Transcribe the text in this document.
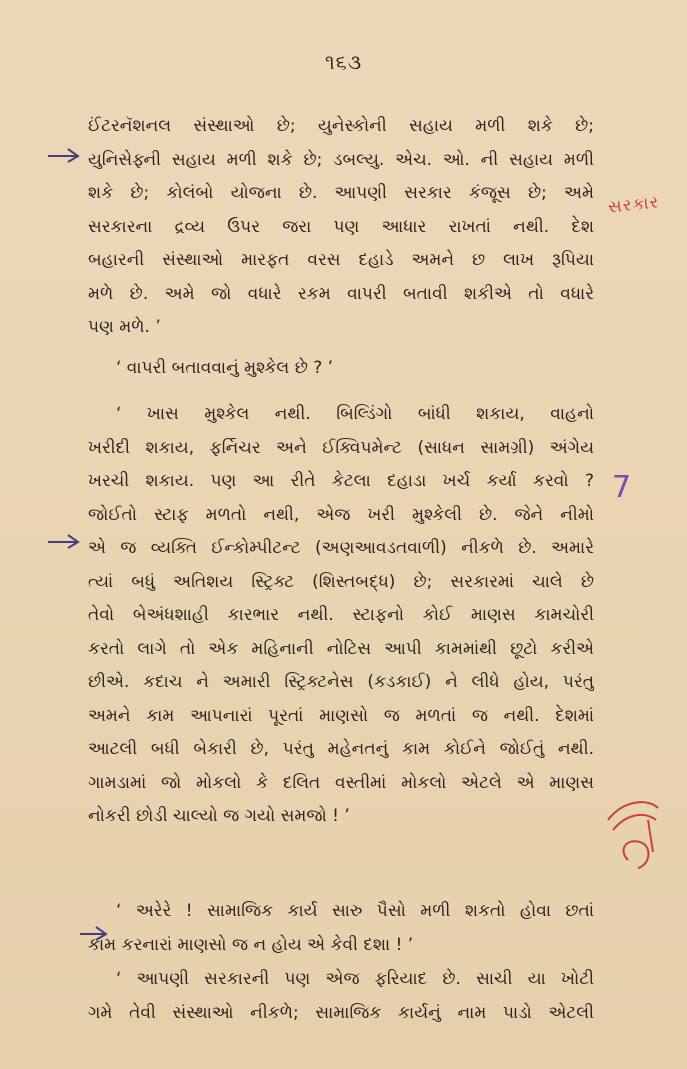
૧૬૩
ઈંટરનૅશનલ સંસ્થાઓ છે; યુનેસ્કોની સહાય મળી શકે છે;
યુનિસેફ્ની સહાય મળી શકે છે; ડબલ્યુ. એચ. ઓ. ની સહાય મળી
શકે છે; કોલંબો યોજના છે. આપણી સરકાર કંજૂસ છે; અમે
સરકારના દ્રવ્ય ઉપર જરા પણ આધાર રાખતાં નથી. દેશ
બહારની સંસ્થાઓ મારફત વરસ દહાડે અમને છ લાખ રૂપિયા
મળે છે. અમે જો વધારે રકમ વાપરી બતાવી શકીએ તો વધારે
પણ મળે. ’
‘ વાપરી બતાવવાનું મુશ્કેલ છે ? ’
‘ ખાસ મુશ્કેલ નથી. બિલ્ડિંગો બાંધી શકાય, વાહનો
ખરીદી શકાય, ફર્નિચર અને ઈક્વિપમેન્ટ (સાધન સામગ્રી) અંગેય
ખરચી શકાય. પણ આ રીતે કેટલા દહાડા ખર્ચ કર્યા કરવો ?
જોઈતો સ્ટાફ મળતો નથી, એજ ખરી મુશ્કેલી છે. જેને નીમો
એ જ વ્યક્તિ ઈન્કોમ્પીટન્ટ (અણઆવડતવાળી) નીકળે છે. અમારે
ત્યાં બધું અતિશય સ્ટ્રિક્ટ (શિસ્તબદ્ધ) છે; સરકારમાં ચાલે છે
તેવો બેઅંધશાહી કારભાર નથી. સ્ટાફનો કોઈ માણસ કામચોરી
કરતો લાગે તો એક મહિનાની નોટિસ આપી કામમાંથી છૂટો કરીએ
છીએ. કદાચ ને અમારી સ્ટ્રિક્ટનેસ (કડકાઈ) ને લીધે હોય, પરંતુ
અમને કામ આપનારાં પૂરતાં માણસો જ મળતાં જ નથી. દેશમાં
આટલી બધી બેકારી છે, પરંતુ મહેનતનું કામ કોઈને જોઈતું નથી.
ગામડામાં જો મોકલો કે દલિત વસ્તીમાં મોકલો એટલે એ માણસ
નોકરી છોડી ચાલ્યો જ ગયો સમજો ! ’
‘ અરેરે ! સામાજિક કાર્ય સારુ પૈસો મળી શકતો હોવા છતાં
કામ કરનારાં માણસો જ ન હોય એ કેવી દશા ! ’
‘ આપણી સરકારની પણ એજ ફરિયાદ છે. સાચી યા ખોટી
ગમે તેવી સંસ્થાઓ નીકળે; સામાજિક કાર્યનું નામ પાડો એટલી
સરકાર
7
